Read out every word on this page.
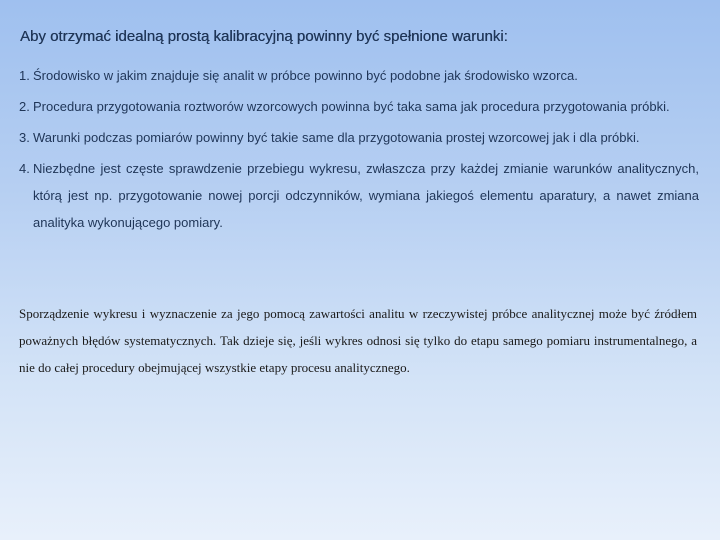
Aby otrzymać idealną prostą kalibracyjną powinny być spełnione warunki:
1. Środowisko w jakim znajduje się analit w próbce powinno być podobne jak środowisko wzorca.
2. Procedura przygotowania roztworów wzorcowych powinna być taka sama jak procedura przygotowania próbki.
3. Warunki podczas pomiarów powinny być takie same dla przygotowania prostej wzorcowej jak i dla próbki.
4. Niezbędne jest częste sprawdzenie przebiegu wykresu, zwłaszcza przy każdej zmianie warunków analitycznych, którą jest np. przygotowanie nowej porcji odczynników, wymiana jakiegoś elementu aparatury, a nawet zmiana analityka wykonującego pomiary.

Sporządzenie wykresu i wyznaczenie za jego pomocą zawartości analitu w rzeczywistej próbce analitycznej może być źródłem poważnych błędów systematycznych. Tak dzieje się, jeśli wykres odnosi się tylko do etapu samego pomiaru instrumentalnego, a nie do całej procedury obejmującej wszystkie etapy procesu analitycznego.
